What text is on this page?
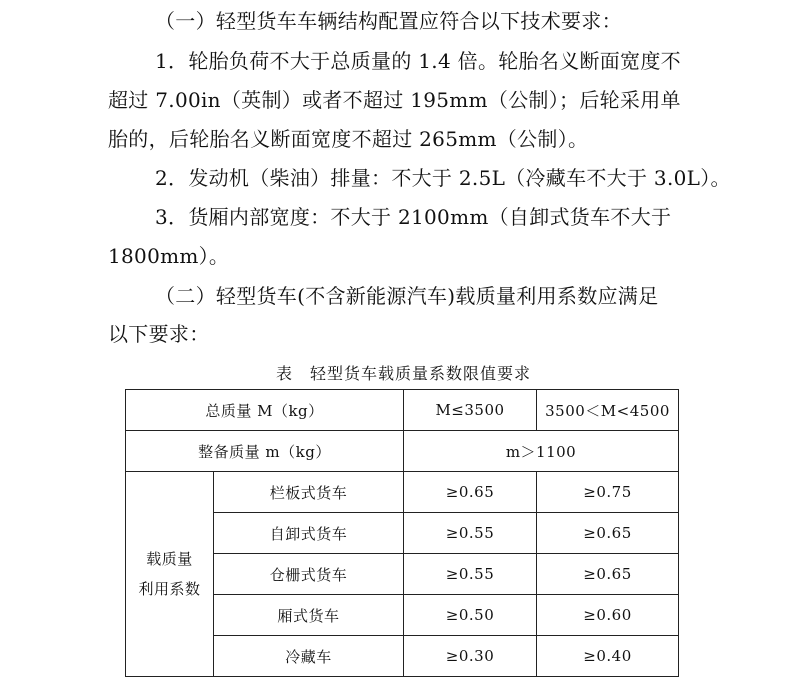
（一）轻型货车车辆结构配置应符合以下技术要求：
1．轮胎负荷不大于总质量的 1.4 倍。轮胎名义断面宽度不
超过 7.00in（英制）或者不超过 195mm（公制）；后轮采用单
胎的，后轮胎名义断面宽度不超过 265mm（公制）。
2．发动机（柴油）排量：不大于 2.5L（冷藏车不大于 3.0L）。
3．货厢内部宽度：不大于 2100mm（自卸式货车不大于
1800mm）。
（二）轻型货车(不含新能源汽车)载质量利用系数应满足
以下要求：
表　轻型货车载质量系数限值要求
总质量 M（kg）		M≤3500	3500＜M<4500
整备质量 m（kg）		m＞1100	

载质量
利用系数	栏板式货车	≥0.65	≥0.75
	自卸式货车	≥0.55	≥0.65
	仓栅式货车	≥0.55	≥0.65
	厢式货车	≥0.50	≥0.60
	冷藏车	≥0.30	≥0.40
